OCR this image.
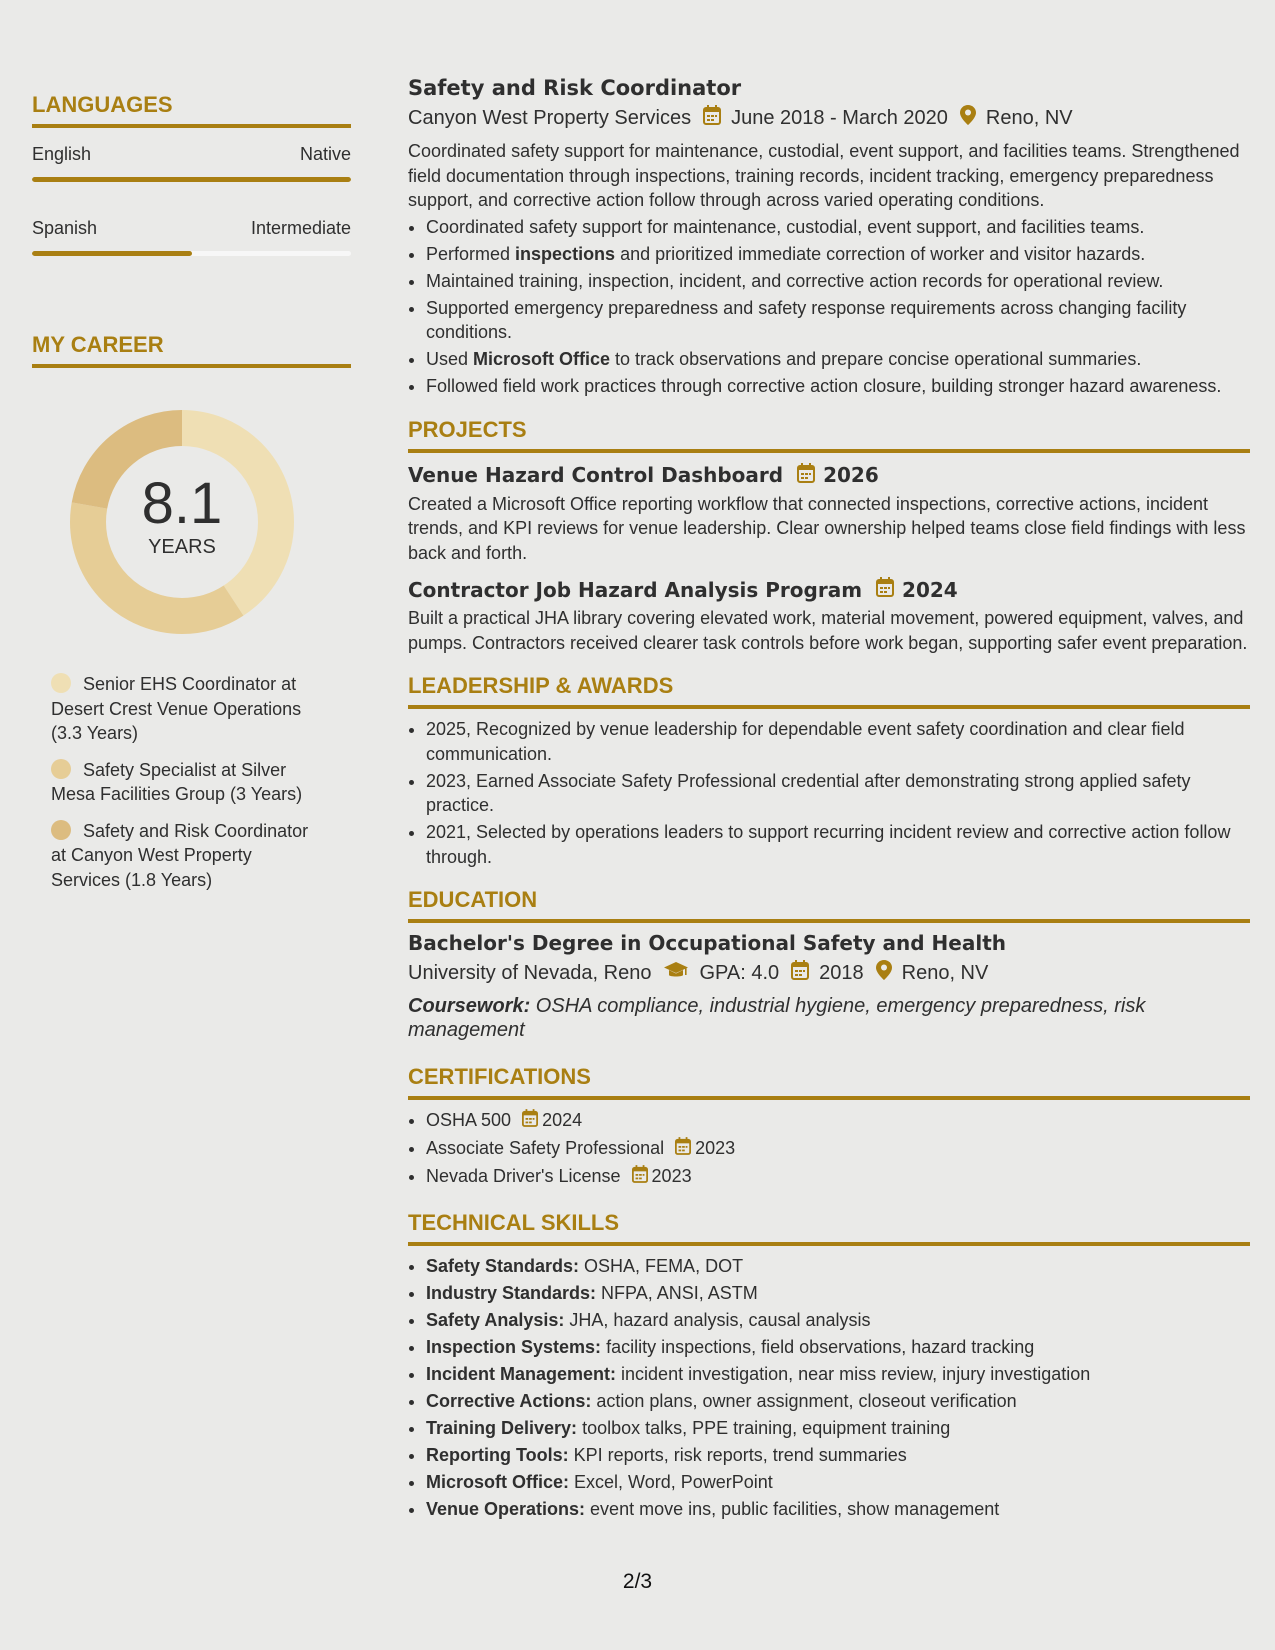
LANGUAGES
English	Native
Spanish	Intermediate
MY CAREER
8.1
YEARS
Senior EHS Coordinator at Desert Crest Venue Operations (3.3 Years)
Safety Specialist at Silver Mesa Facilities Group (3 Years)
Safety and Risk Coordinator at Canyon West Property Services (1.8 Years)
Safety and Risk Coordinator
Canyon West Property Services June 2018 - March 2020 Reno, NV
Coordinated safety support for maintenance, custodial, event support, and facilities teams. Strengthened field documentation through inspections, training records, incident tracking, emergency preparedness support, and corrective action follow through across varied operating conditions.
• Coordinated safety support for maintenance, custodial, event support, and facilities teams.
• Performed inspections and prioritized immediate correction of worker and visitor hazards.
• Maintained training, inspection, incident, and corrective action records for operational review.
• Supported emergency preparedness and safety response requirements across changing facility conditions.
• Used Microsoft Office to track observations and prepare concise operational summaries.
• Followed field work practices through corrective action closure, building stronger hazard awareness.
PROJECTS
Venue Hazard Control Dashboard 2026
Created a Microsoft Office reporting workflow that connected inspections, corrective actions, incident trends, and KPI reviews for venue leadership. Clear ownership helped teams close field findings with less back and forth.
Contractor Job Hazard Analysis Program 2024
Built a practical JHA library covering elevated work, material movement, powered equipment, valves, and pumps. Contractors received clearer task controls before work began, supporting safer event preparation.
LEADERSHIP & AWARDS
• 2025, Recognized by venue leadership for dependable event safety coordination and clear field communication.
• 2023, Earned Associate Safety Professional credential after demonstrating strong applied safety practice.
• 2021, Selected by operations leaders to support recurring incident review and corrective action follow through.
EDUCATION
Bachelor's Degree in Occupational Safety and Health
University of Nevada, Reno GPA: 4.0 2018 Reno, NV
Coursework: OSHA compliance, industrial hygiene, emergency preparedness, risk management
CERTIFICATIONS
• OSHA 500 2024
• Associate Safety Professional 2023
• Nevada Driver's License 2023
TECHNICAL SKILLS
• Safety Standards: OSHA, FEMA, DOT
• Industry Standards: NFPA, ANSI, ASTM
• Safety Analysis: JHA, hazard analysis, causal analysis
• Inspection Systems: facility inspections, field observations, hazard tracking
• Incident Management: incident investigation, near miss review, injury investigation
• Corrective Actions: action plans, owner assignment, closeout verification
• Training Delivery: toolbox talks, PPE training, equipment training
• Reporting Tools: KPI reports, risk reports, trend summaries
• Microsoft Office: Excel, Word, PowerPoint
• Venue Operations: event move ins, public facilities, show management
2/3
